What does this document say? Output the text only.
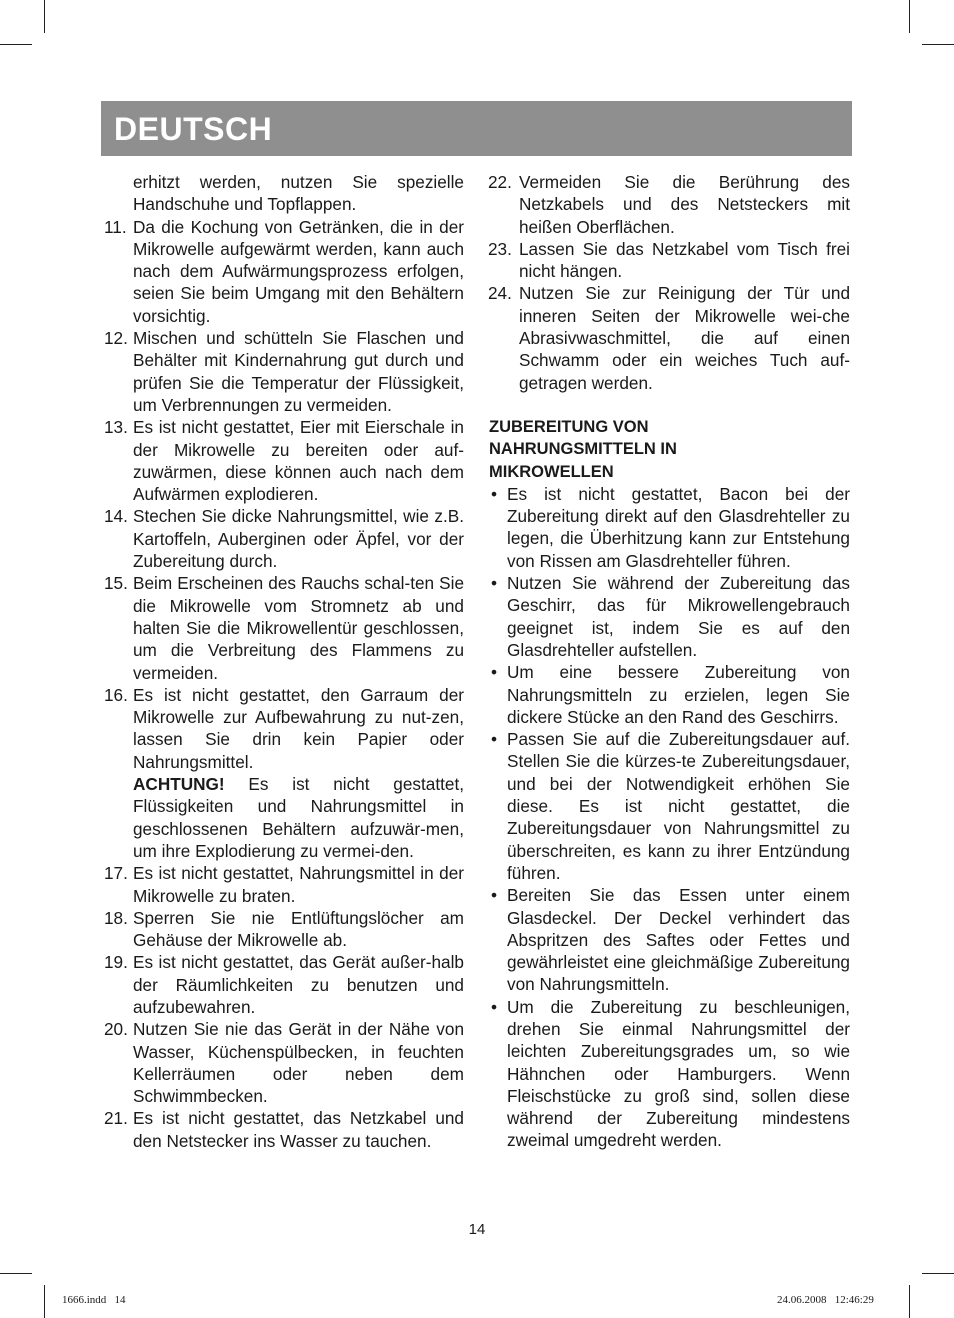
DEUTSCH
erhitzt werden, nutzen Sie spezielle Handschuhe und Topflappen.
11. Da die Kochung von Getränken, die in der Mikrowelle aufgewärmt werden, kann auch nach dem Aufwärmungsprozess erfolgen, seien Sie beim Umgang mit den Behältern vorsichtig.
12. Mischen und schütteln Sie Flaschen und Behälter mit Kindernahrung gut durch und prüfen Sie die Temperatur der Flüssigkeit, um Verbrennungen zu vermeiden.
13. Es ist nicht gestattet, Eier mit Eierschale in der Mikrowelle zu bereiten oder auf-zuwärmen, diese können auch nach dem Aufwärmen explodieren.
14. Stechen Sie dicke Nahrungsmittel, wie z.B. Kartoffeln, Auberginen oder Äpfel, vor der Zubereitung durch.
15. Beim Erscheinen des Rauchs schal-ten Sie die Mikrowelle vom Stromnetz ab und halten Sie die Mikrowellentür geschlossen, um die Verbreitung des Flammens zu vermeiden.
16. Es ist nicht gestattet, den Garraum der Mikrowelle zur Aufbewahrung zu nut-zen, lassen Sie drin kein Papier oder Nahrungsmittel.
ACHTUNG! Es ist nicht gestattet, Flüssigkeiten und Nahrungsmittel in geschlossenen Behältern aufzuwär-men, um ihre Explodierung zu vermei-den.
17. Es ist nicht gestattet, Nahrungsmittel in der Mikrowelle zu braten.
18. Sperren Sie nie Entlüftungslöcher am Gehäuse der Mikrowelle ab.
19. Es ist nicht gestattet, das Gerät außer-halb der Räumlichkeiten zu benutzen und aufzubewahren.
20. Nutzen Sie nie das Gerät in der Nähe von Wasser, Küchenspülbecken, in feuchten Kellerräumen oder neben dem Schwimmbecken.
21. Es ist nicht gestattet, das Netzkabel und den Netstecker ins Wasser zu tauchen.
22. Vermeiden Sie die Berührung des Netzkabels und des Netsteckers mit heißen Oberflächen.
23. Lassen Sie das Netzkabel vom Tisch frei nicht hängen.
24. Nutzen Sie zur Reinigung der Tür und inneren Seiten der Mikrowelle wei-che Abrasivwaschmittel, die auf einen Schwamm oder ein weiches Tuch auf-getragen werden.
ZUBEREITUNG VON
NAHRUNGSMITTELN IN
MIKROWELLEN
• Es ist nicht gestattet, Bacon bei der Zubereitung direkt auf den Glasdrehteller zu legen, die Überhitzung kann zur Entstehung von Rissen am Glasdrehteller führen.
• Nutzen Sie während der Zubereitung das Geschirr, das für Mikrowellengebrauch geeignet ist, indem Sie es auf den Glasdrehteller aufstellen.
• Um eine bessere Zubereitung von Nahrungsmitteln zu erzielen, legen Sie dickere Stücke an den Rand des Geschirrs.
• Passen Sie auf die Zubereitungsdauer auf. Stellen Sie die kürzes-te Zubereitungsdauer, und bei der Notwendigkeit erhöhen Sie diese. Es ist nicht gestattet, die Zubereitungsdauer von Nahrungsmittel zu überschreiten, es kann zu ihrer Entzündung führen.
• Bereiten Sie das Essen unter einem Glasdeckel. Der Deckel verhindert das Abspritzen des Saftes oder Fettes und gewährleistet eine gleichmäßige Zubereitung von Nahrungsmitteln.
• Um die Zubereitung zu beschleunigen, drehen Sie einmal Nahrungsmittel der leichten Zubereitungsgrades um, so wie Hähnchen oder Hamburgers. Wenn Fleischstücke zu groß sind, sollen diese während der Zubereitung mindestens zweimal umgedreht werden.
14
1666.indd   14	24.06.2008   12:46:29
